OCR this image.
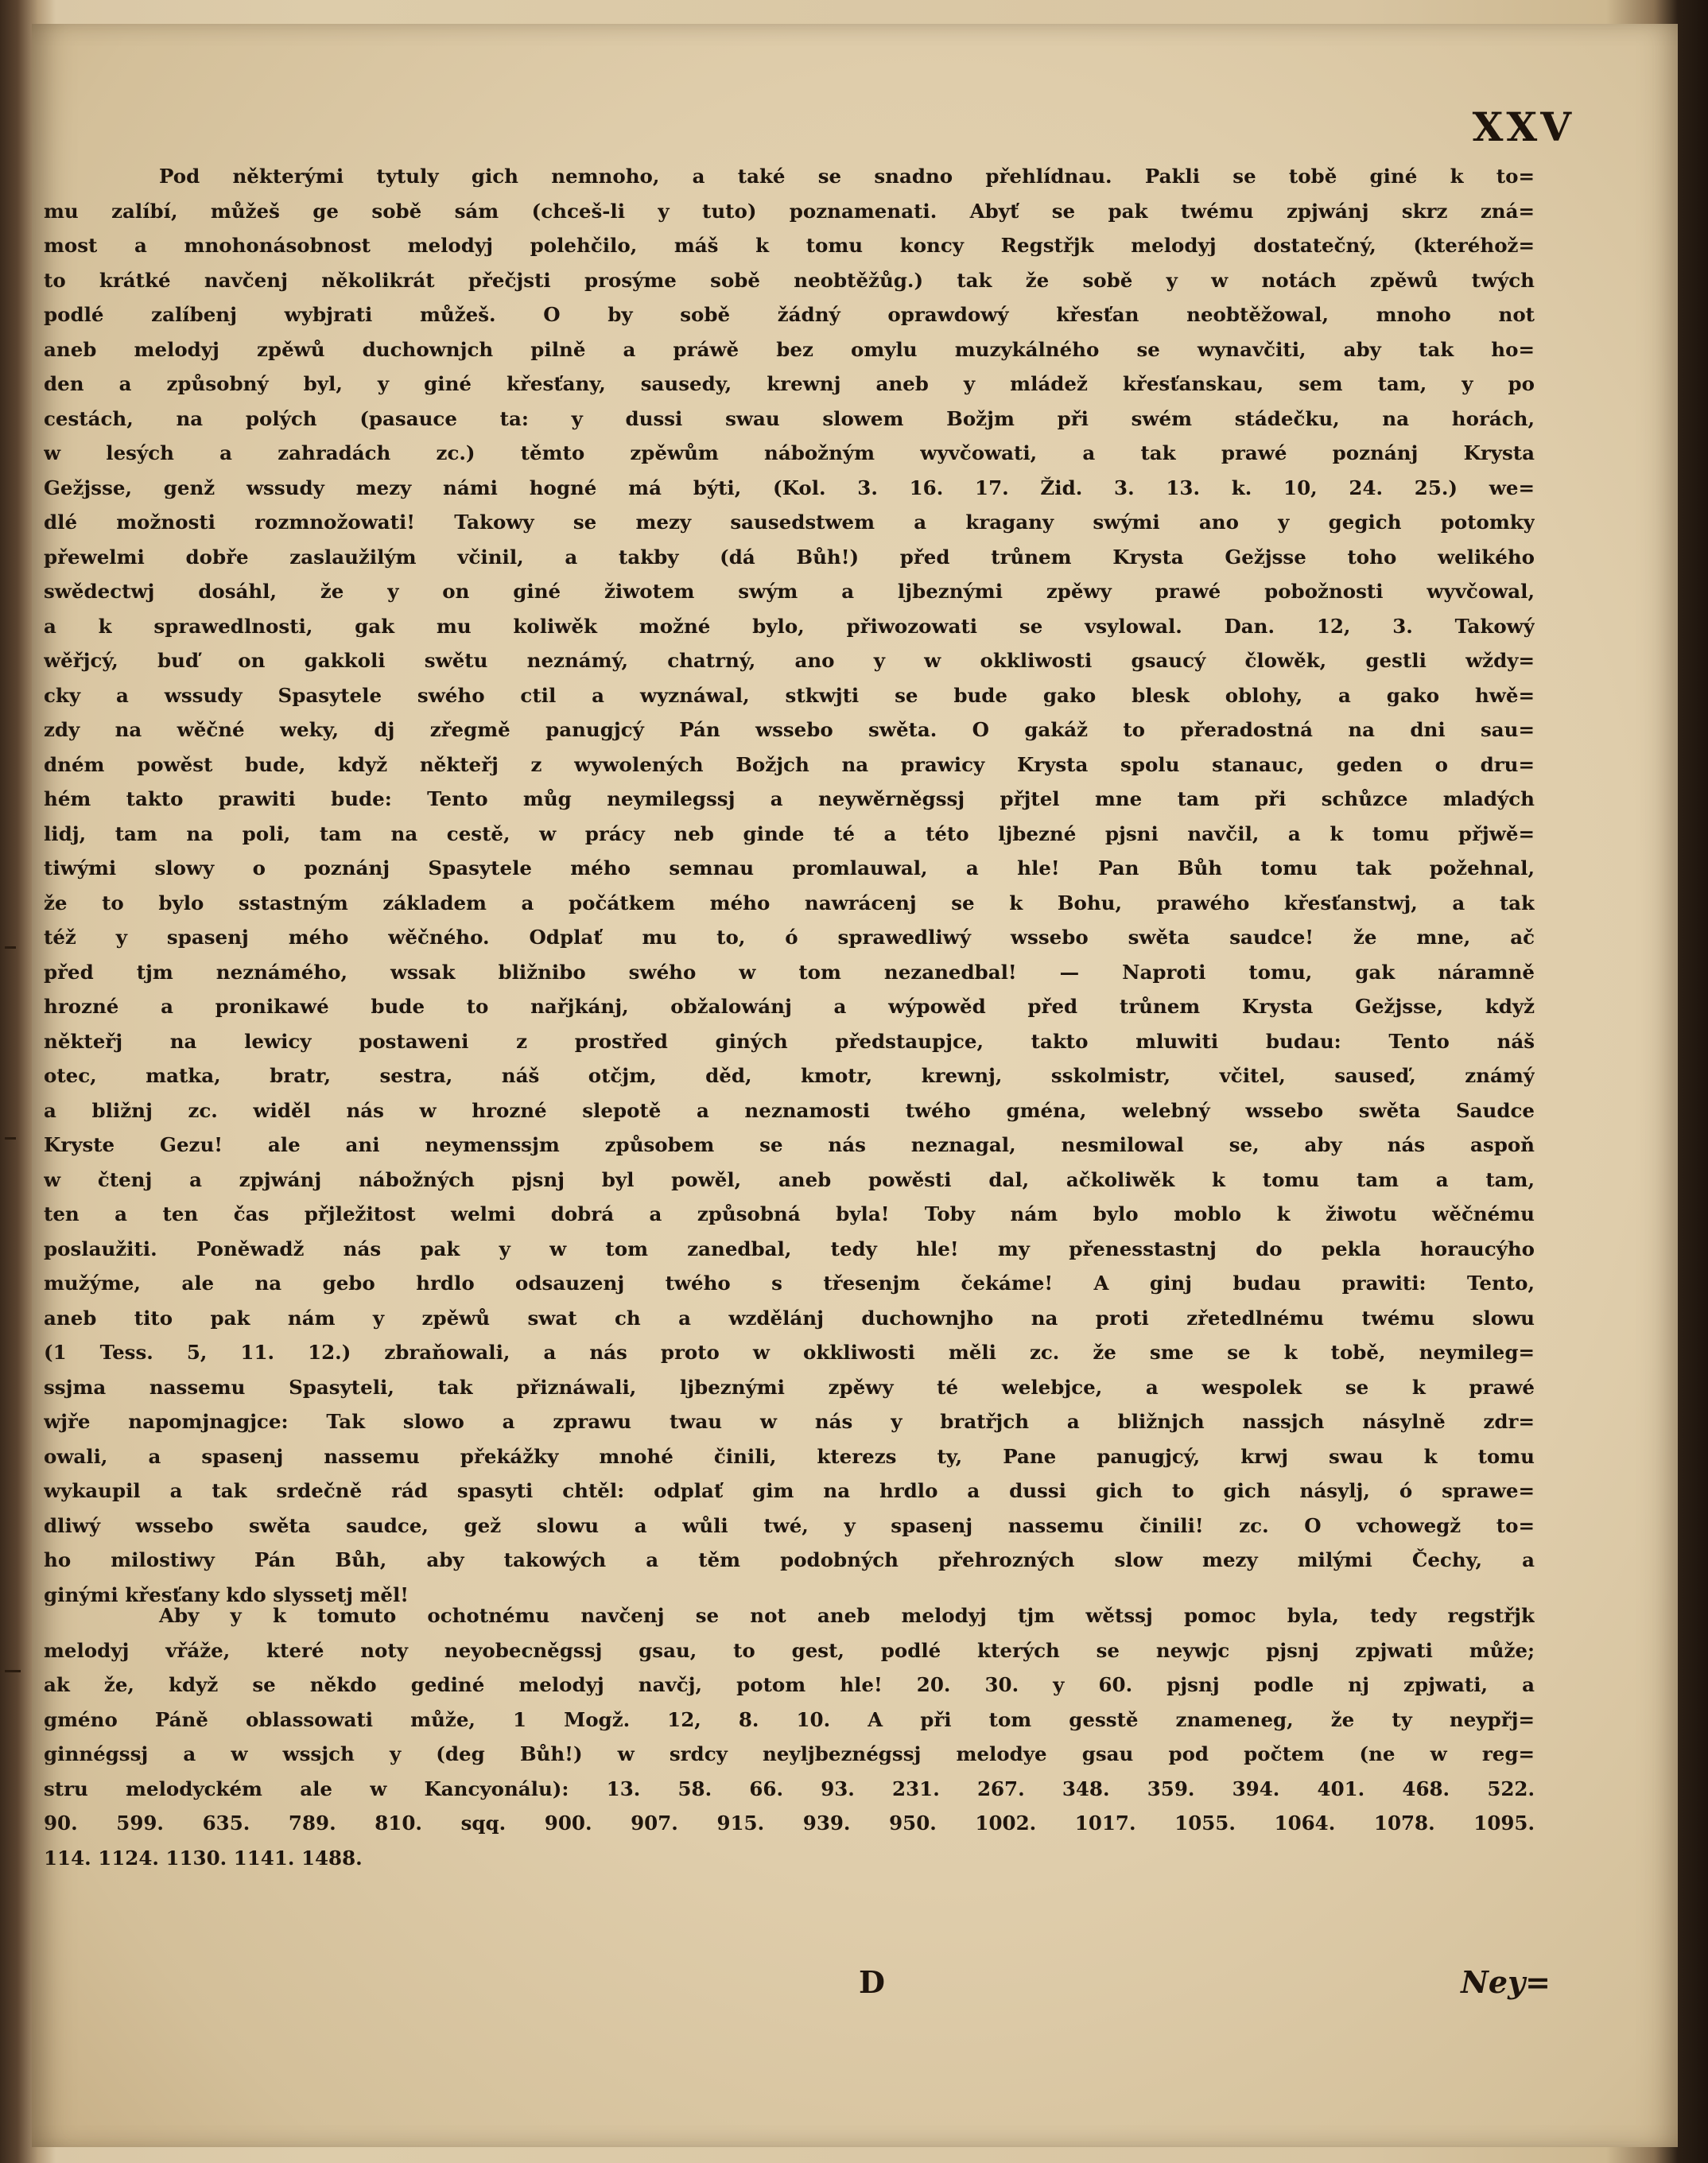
XXV
Pod některými tytuly gich nemnoho, a také se snadno přehlídnau. Pakli se tobě giné k to=
mu zalíbí, můžeš ge sobě sám (chceš-li y tuto) poznamenati. Abyť se pak twému zpjwánj skrz zná=
most a mnohonásobnost melodyj polehčilo, máš k tomu koncy Regstřjk melodyj dostatečný, (kteréhož=
to krátké navčenj několikrát přečjsti prosýme sobě neobtěžůg.) tak že sobě y w notách zpěwů twých
podlé zalíbenj wybjrati můžeš. O by sobě žádný oprawdowý křesťan neobtěžowal, mnoho not
aneb melodyj zpěwů duchownjch pilně a práwě bez omylu muzykálného se wynavčiti, aby tak ho=
den a způsobný byl, y giné křesťany, sausedy, krewnj aneb y mládež křesťanskau, sem tam, y po
cestách, na polých (pasauce ta: y dussi swau slowem Božjm při swém stádečku, na horách,
w lesých a zahradách zc.) těmto zpěwům nábožným wyvčowati, a tak prawé poznánj Krysta
Gežjsse, genž wssudy mezy námi hogné má býti, (Kol. 3. 16. 17. Žid. 3. 13. k. 10, 24. 25.) we=
dlé možnosti rozmnožowati! Takowy se mezy sausedstwem a kragany swými ano y gegich potomky
přewelmi dobře zaslaužilým včinil, a takby (dá Bůh!) před trůnem Krysta Gežjsse toho welikého
swědectwj dosáhl, že y on giné žiwotem swým a ljbeznými zpěwy prawé pobožnosti wyvčowal,
a k sprawedlnosti, gak mu koliwěk možné bylo, přiwozowati se vsylowal. Dan. 12, 3. Takowý
wěřjcý, buď on gakkoli swětu neznámý, chatrný, ano y w okkliwosti gsaucý člowěk, gestli wždy=
cky a wssudy Spasytele swého ctil a wyznáwal, stkwjti se bude gako blesk oblohy, a gako hwě=
zdy na wěčné weky, dj zřegmě panugjcý Pán wssebo swěta. O gakáž to přeradostná na dni sau=
dném powěst bude, když někteřj z wywolených Božjch na prawicy Krysta spolu stanauc, geden o dru=
hém takto prawiti bude: Tento můg neymilegssj a neywěrněgssj přjtel mne tam při schůzce mladých
lidj, tam na poli, tam na cestě, w prácy neb ginde té a této ljbezné pjsni navčil, a k tomu přjwě=
tiwými slowy o poznánj Spasytele mého semnau promlauwal, a hle! Pan Bůh tomu tak požehnal,
že to bylo sstastným základem a počátkem mého nawrácenj se k Bohu, prawého křesťanstwj, a tak
též y spasenj mého wěčného. Odplať mu to, ó sprawedliwý wssebo swěta saudce! že mne, ač
před tjm neznámého, wssak bližnibo swého w tom nezanedbal! — Naproti tomu, gak náramně
hrozné a pronikawé bude to nařjkánj, obžalowánj a wýpowěd před trůnem Krysta Gežjsse, když
někteřj na lewicy postaweni z prostřed giných předstaupjce, takto mluwiti budau: Tento náš
otec, matka, bratr, sestra, náš otčjm, děd, kmotr, krewnj, sskolmistr, včitel, sauseď, známý
a bližnj zc. widěl nás w hrozné slepotě a neznamosti twého gména, welebný wssebo swěta Saudce
Kryste Gezu! ale ani neymenssjm způsobem se nás neznagal, nesmilowal se, aby nás aspoň
w čtenj a zpjwánj nábožných pjsnj byl powěl, aneb powěsti dal, ačkoliwěk k tomu tam a tam,
ten a ten čas přjležitost welmi dobrá a způsobná byla! Toby nám bylo moblo k žiwotu wěčnému
poslaužiti. Poněwadž nás pak y w tom zanedbal, tedy hle! my přenesstastnj do pekla horaucýho
mužýme, ale na gebo hrdlo odsauzenj twého s třesenjm čekáme! A ginj budau prawiti: Tento,
aneb tito pak nám y zpěwů swat ch a wzdělánj duchownjho na proti zřetedlnému twému slowu
(1 Tess. 5, 11. 12.) zbraňowali, a nás proto w okkliwosti měli zc. že sme se k tobě, neymileg=
ssjma nassemu Spasyteli, tak přiznáwali, ljbeznými zpěwy té welebjce, a wespolek se k prawé
wjře napomjnagjce: Tak slowo a zprawu twau w nás y bratřjch a bližnjch nassjch násylně zdr=
owali, a spasenj nassemu překážky mnohé činili, kterezs ty, Pane panugjcý, krwj swau k tomu
wykaupil a tak srdečně rád spasyti chtěl: odplať gim na hrdlo a dussi gich to gich násylj, ó sprawe=
dliwý wssebo swěta saudce, gež slowu a wůli twé, y spasenj nassemu činili! zc. O vchowegž to=
ho milostiwy Pán Bůh, aby takowých a těm podobných přehrozných slow mezy milými Čechy, a
ginými křesťany kdo slyssetj měl!
Aby y k tomuto ochotnému navčenj se not aneb melodyj tjm wětssj pomoc byla, tedy regstřjk
melodyj vřáže, které noty neyobecněgssj gsau, to gest, podlé kterých se neywjc pjsnj zpjwati může;
ak že, když se někdo gediné melodyj navčj, potom hle! 20. 30. y 60. pjsnj podle nj zpjwati, a
gméno Páně oblassowati může, 1 Mogž. 12, 8. 10. A při tom gesstě znameneg, že ty neypřj=
ginnégssj a w wssjch y (deg Bůh!) w srdcy neyljbeznégssj melodye gsau pod počtem (ne w reg=
stru melodyckém ale w Kancyonálu): 13. 58. 66. 93. 231. 267. 348. 359. 394. 401. 468. 522.
90. 599. 635. 789. 810. sqq. 900. 907. 915. 939. 950. 1002. 1017. 1055. 1064. 1078. 1095.
114. 1124. 1130. 1141. 1488.
D	Ney=
